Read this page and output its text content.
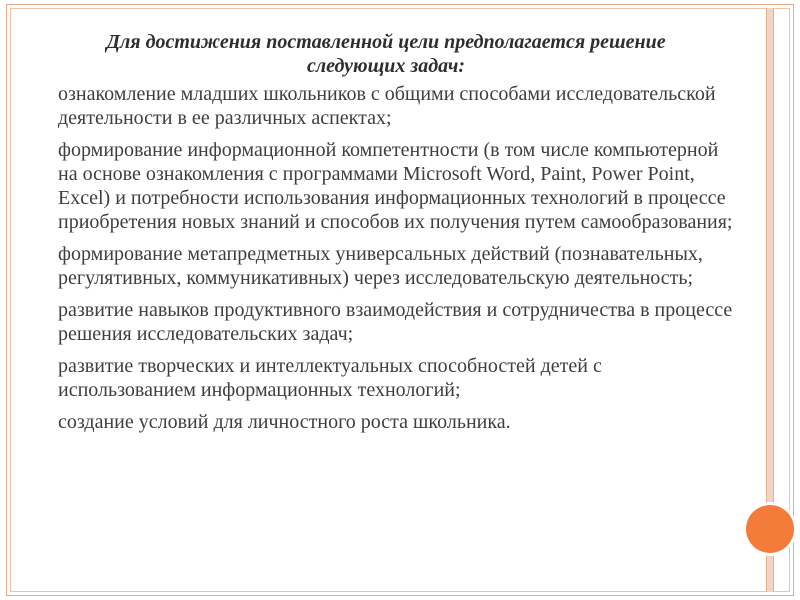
Для достижения поставленной цели предполагается решение
следующих задач:
ознакомление младших школьников с общими способами исследовательской деятельности в ее различных аспектах;
формирование информационной компетентности (в том числе компьютерной на основе ознакомления с программами Microsoft Word, Paint, Power Point, Excel) и потребности использования информационных технологий в процессе приобретения новых знаний и способов их получения путем самообразования;
формирование метапредметных универсальных действий (познавательных, регулятивных, коммуникативных) через исследовательскую деятельность;
развитие навыков продуктивного взаимодействия и сотрудничества в процессе решения исследовательских задач;
развитие творческих и интеллектуальных способностей детей с использованием информационных технологий;
создание условий для личностного роста школьника.
